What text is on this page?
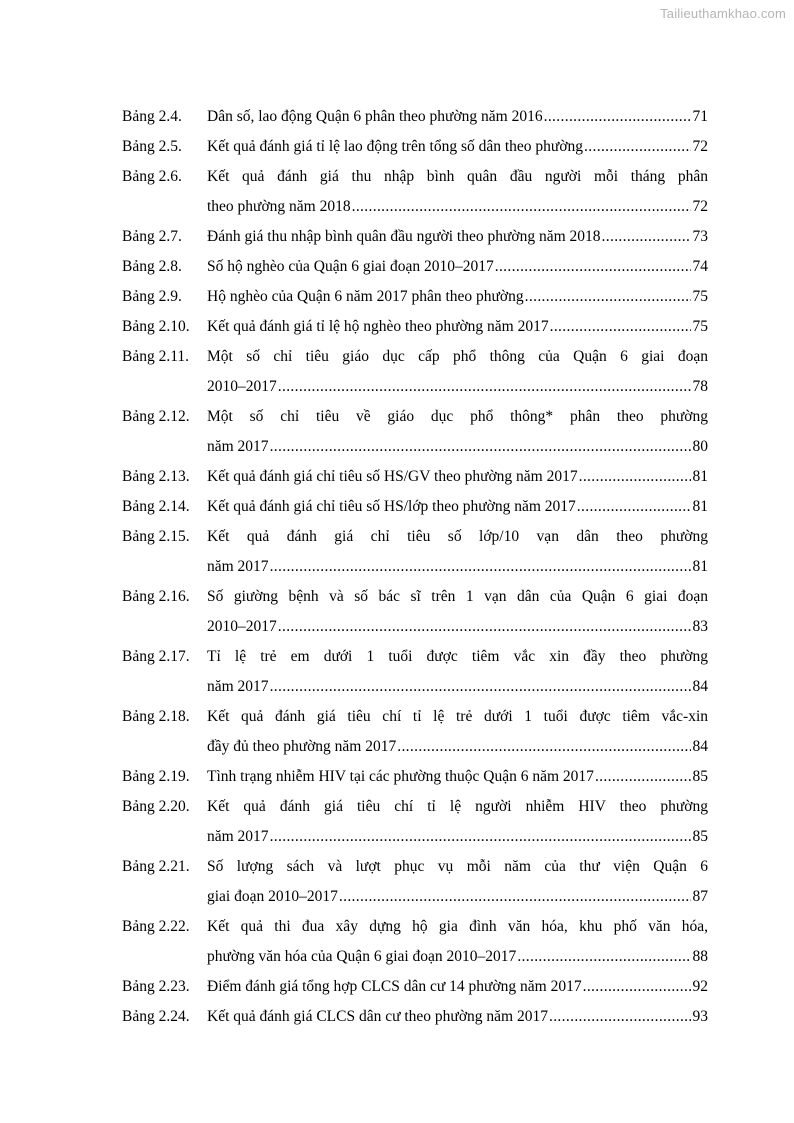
Tailieuthamkhao.com
Bảng 2.4.	Dân số, lao động Quận 6 phân theo phường năm 2016 .....	71
Bảng 2.5.	Kết quả đánh giá tỉ lệ lao động trên tổng số dân theo phường .....	72
Bảng 2.6.	Kết quả đánh giá thu nhập bình quân đầu người mỗi tháng phân
theo phường năm 2018 .....	72
Bảng 2.7.	Đánh giá thu nhập bình quân đầu người theo phường năm 2018 .....	73
Bảng 2.8.	Số hộ nghèo của Quận 6 giai đoạn 2010–2017 .....	74
Bảng 2.9.	Hộ nghèo của Quận 6 năm 2017 phân theo phường .....	75
Bảng 2.10.	Kết quả đánh giá tỉ lệ hộ nghèo theo phường năm 2017 .....	75
Bảng 2.11.	Một số chỉ tiêu giáo dục cấp phổ thông của Quận 6 giai đoạn
2010–2017 .....	78
Bảng 2.12.	Một số chỉ tiêu về giáo dục phổ thông* phân theo phường
năm 2017 .....	80
Bảng 2.13.	Kết quả đánh giá chỉ tiêu số HS/GV theo phường năm 2017 .....	81
Bảng 2.14.	Kết quả đánh giá chỉ tiêu số HS/lớp theo phường năm 2017 .....	81
Bảng 2.15.	Kết quả đánh giá chỉ tiêu số lớp/10 vạn dân theo phường
năm 2017 .....	81
Bảng 2.16.	Số giường bệnh và số bác sĩ trên 1 vạn dân của Quận 6 giai đoạn
2010–2017 .....	83
Bảng 2.17.	Tỉ lệ trẻ em dưới 1 tuổi được tiêm vắc xin đầy theo phường
năm 2017 .....	84
Bảng 2.18.	Kết quả đánh giá tiêu chí tỉ lệ trẻ dưới 1 tuổi được tiêm vắc-xin
đầy đủ theo phường năm 2017 .....	84
Bảng 2.19.	Tình trạng nhiễm HIV tại các phường thuộc Quận 6 năm 2017 .....	85
Bảng 2.20.	Kết quả đánh giá tiêu chí tỉ lệ người nhiễm HIV theo phường
năm 2017 .....	85
Bảng 2.21.	Số lượng sách và lượt phục vụ mỗi năm của thư viện Quận 6
giai đoạn 2010–2017 .....	87
Bảng 2.22.	Kết quả thi đua xây dựng hộ gia đình văn hóa, khu phố văn hóa,
phường văn hóa của Quận 6 giai đoạn 2010–2017 .....	88
Bảng 2.23.	Điểm đánh giá tổng hợp CLCS dân cư 14 phường năm 2017 .....	92
Bảng 2.24.	Kết quả đánh giá CLCS dân cư theo phường năm 2017 .....	93
